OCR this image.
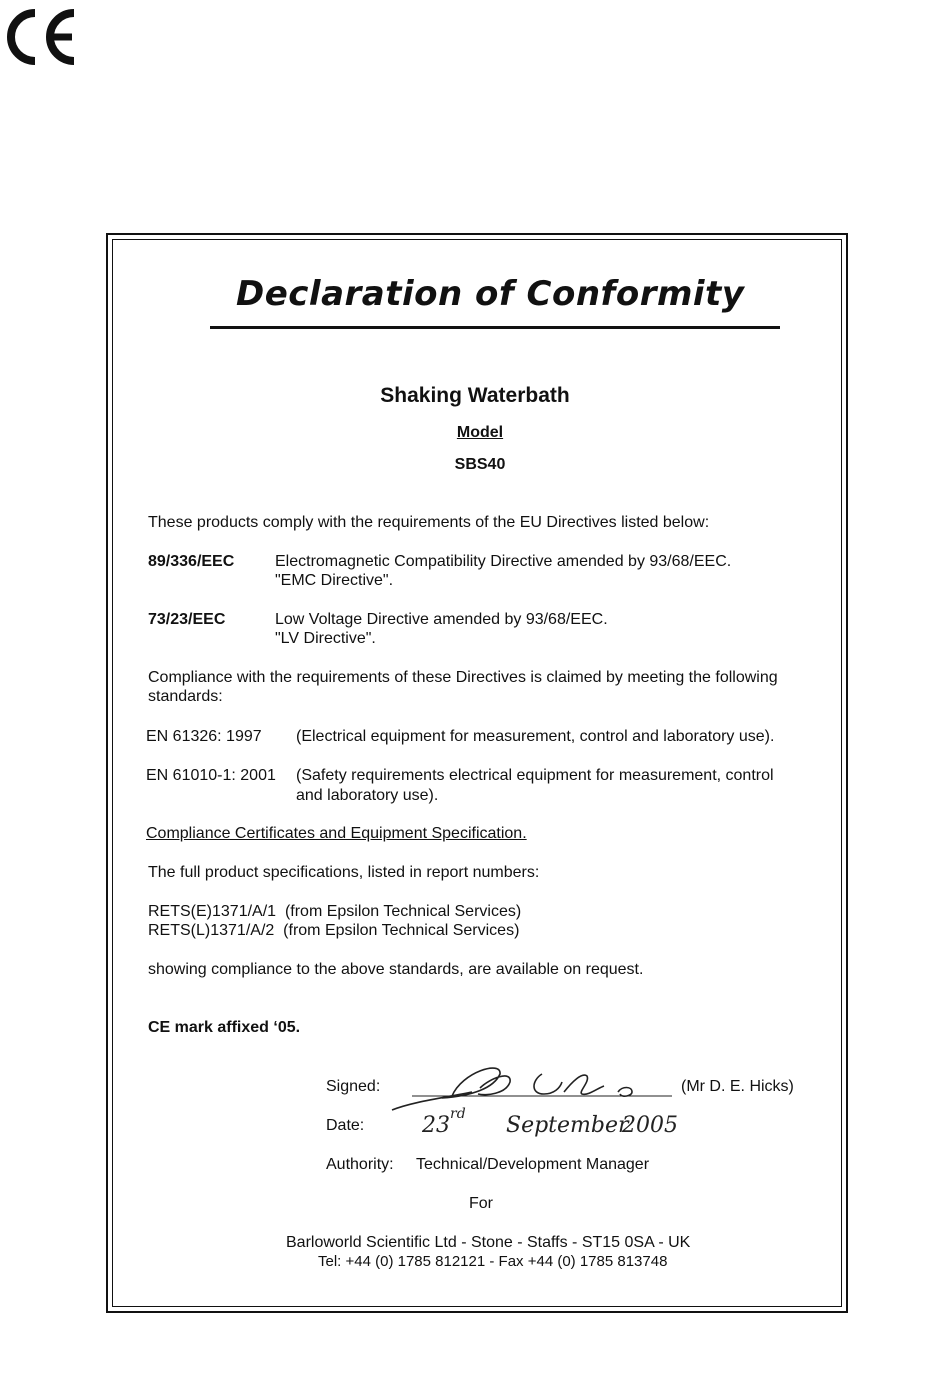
Declaration of Conformity
Shaking Waterbath
Model
SBS40
These products comply with the requirements of the EU Directives listed below:
89/336/EEC	Electromagnetic Compatibility Directive amended by 93/68/EEC.
"EMC Directive".
73/23/EEC	Low Voltage Directive amended by 93/68/EEC.
"LV Directive".
Compliance with the requirements of these Directives is claimed by meeting the following
standards:
EN 61326: 1997 (Electrical equipment for measurement, control and laboratory use).
EN 61010-1: 2001 (Safety requirements electrical equipment for measurement, control
and laboratory use).
Compliance Certificates and Equipment Specification.
The full product specifications, listed in report numbers:
RETS(E)1371/A/1  (from Epsilon Technical Services)
RETS(L)1371/A/2  (from Epsilon Technical Services)
showing compliance to the above standards, are available on request.
CE mark affixed ‘05.
Signed:	(Mr D. E. Hicks)
Date:	23 rd September
2005
Authority: Technical/Development Manager
For
Barloworld Scientific Ltd - Stone - Staffs - ST15 0SA - UK
Tel: +44 (0) 1785 812121 - Fax +44 (0) 1785 813748
